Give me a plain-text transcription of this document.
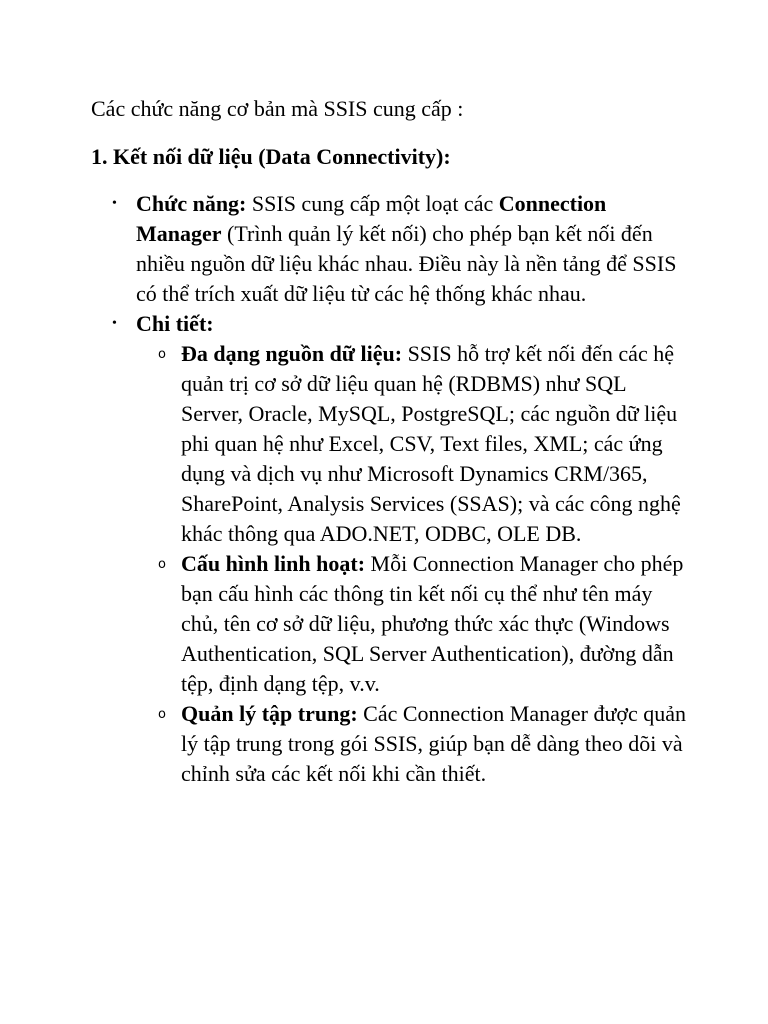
Các chức năng cơ bản mà SSIS cung cấp :

1. Kết nối dữ liệu (Data Connectivity):

• Chức năng: SSIS cung cấp một loạt các Connection Manager (Trình quản lý kết nối) cho phép bạn kết nối đến nhiều nguồn dữ liệu khác nhau. Điều này là nền tảng để SSIS có thể trích xuất dữ liệu từ các hệ thống khác nhau.
• Chi tiết:
o Đa dạng nguồn dữ liệu: SSIS hỗ trợ kết nối đến các hệ quản trị cơ sở dữ liệu quan hệ (RDBMS) như SQL Server, Oracle, MySQL, PostgreSQL; các nguồn dữ liệu phi quan hệ như Excel, CSV, Text files, XML; các ứng dụng và dịch vụ như Microsoft Dynamics CRM/365, SharePoint, Analysis Services (SSAS); và các công nghệ khác thông qua ADO.NET, ODBC, OLE DB.
o Cấu hình linh hoạt: Mỗi Connection Manager cho phép bạn cấu hình các thông tin kết nối cụ thể như tên máy chủ, tên cơ sở dữ liệu, phương thức xác thực (Windows Authentication, SQL Server Authentication), đường dẫn tệp, định dạng tệp, v.v.
o Quản lý tập trung: Các Connection Manager được quản lý tập trung trong gói SSIS, giúp bạn dễ dàng theo dõi và chỉnh sửa các kết nối khi cần thiết.
